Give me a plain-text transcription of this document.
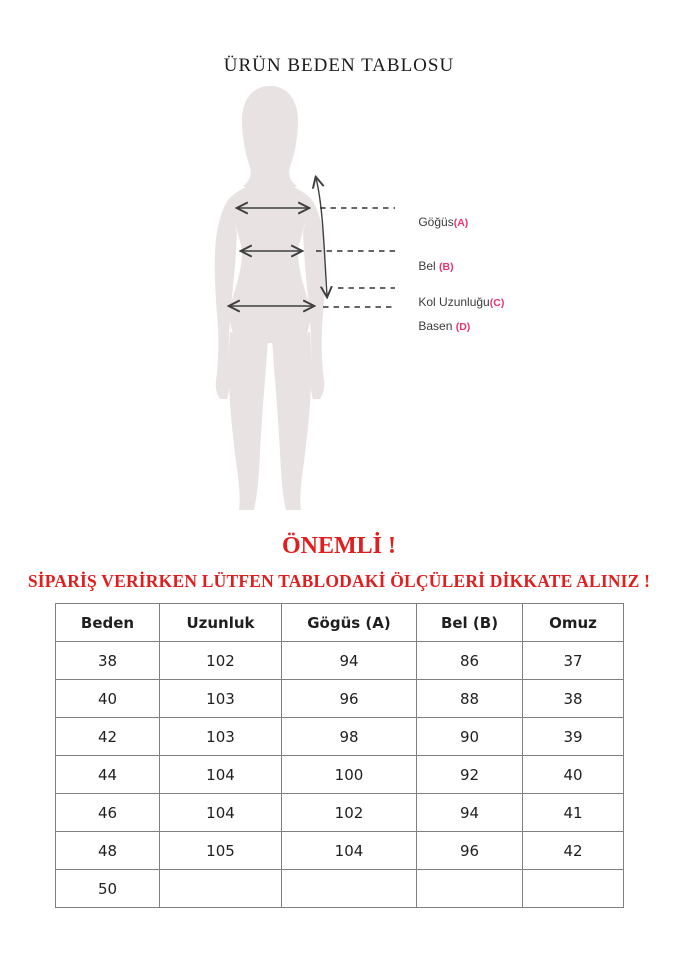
ÜRÜN BEDEN TABLOSU

Göğüs(A)

Bel (B)

Kol Uzunluğu(C)

Basen (D)

ÖNEMLİ !
SİPARİŞ VERİRKEN LÜTFEN TABLODAKİ ÖLÇÜLERİ DİKKATE ALINIZ !
Beden	Uzunluk	Gögüs (A)	Bel (B)	Omuz
38	102	94	86	37
40	103	96	88	38
42	103	98	90	39
44	104	100	92	40
46	104	102	94	41
48	105	104	96	42
50				
